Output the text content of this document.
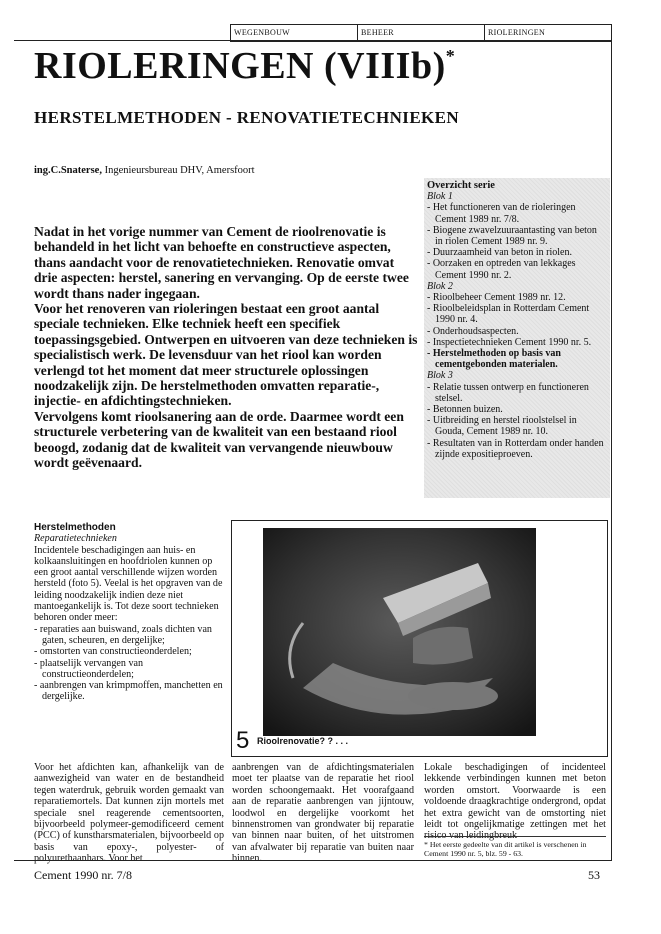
WEGENBOUW	BEHEER	RIOLERINGEN
RIOLERINGEN (VIIIb)*
HERSTELMETHODEN - RENOVATIETECHNIEKEN
ing.C.Snaterse, Ingenieursbureau DHV, Amersfoort

Nadat in het vorige nummer van Cement de rioolrenovatie is behandeld in het licht van behoefte en constructieve aspecten, thans aandacht voor de renovatietechnieken. Renovatie omvat drie aspecten: herstel, sanering en vervanging. Op de eerste twee wordt thans nader ingegaan.

Voor het renoveren van rioleringen bestaat een groot aantal speciale technieken. Elke techniek heeft een specifiek toepassingsgebied. Ontwerpen en uitvoeren van deze technieken is specialistisch werk. De levensduur van het riool kan worden verlengd tot het moment dat meer structurele oplossingen noodzakelijk zijn. De herstelmethoden omvatten reparatie-, injectie- en afdichtingstechnieken.

Vervolgens komt rioolsanering aan de orde. Daarmee wordt een structurele verbetering van de kwaliteit van een bestaand riool beoogd, zodanig dat de kwaliteit van vervangende nieuwbouw wordt geëvenaard.

Overzicht serie
Blok 1
- Het functioneren van de rioleringen Cement 1989 nr. 7/8.
- Biogene zwavelzuuraantasting van beton in riolen Cement 1989 nr. 9.
- Duurzaamheid van beton in riolen.
- Oorzaken en optreden van lekkages Cement 1990 nr. 2.
Blok 2
- Rioolbeheer Cement 1989 nr. 12.
- Rioolbeleidsplan in Rotterdam Cement 1990 nr. 4.
- Onderhoudsaspecten.
- Inspectietechnieken Cement 1990 nr. 5.
- Herstelmethoden op basis van cementgebonden materialen.
Blok 3
- Relatie tussen ontwerp en functioneren stelsel.
- Betonnen buizen.
- Uitbreiding en herstel rioolstelsel in Gouda, Cement 1989 nr. 10.
- Resultaten van in Rotterdam onder handen zijnde expositieproeven.
Herstelmethoden
Reparatietechnieken
Incidentele beschadigingen aan huis- en kolkaansluitingen en hoofdriolen kunnen op een groot aantal verschillende wijzen worden hersteld (foto 5). Veelal is het opgraven van de leiding noodzakelijk indien deze niet mantoegankelijk is. Tot deze soort technieken behoren onder meer:
- reparaties aan buiswand, zoals dichten van gaten, scheuren, en dergelijke;
- omstorten van constructieonderdelen;
- plaatselijk vervangen van constructieonderdelen;
- aanbrengen van krimpmoffen, manchetten en dergelijke.
5 Rioolrenovatie? ? . . .
Voor het afdichten kan, afhankelijk van de aanwezigheid van water en de bestandheid tegen waterdruk, gebruik worden gemaakt van reparatiemortels. Dat kunnen zijn mortels met speciale snel reagerende cementsoorten, bijvoorbeeld polymeer-gemodificeerd cement (PCC) of kunstharsmaterialen, bijvoorbeeld op basis van epoxy-, polyester- of polyurethaanhars. Voor het
aanbrengen van de afdichtingsmaterialen moet ter plaatse van de reparatie het riool worden schoongemaakt. Het voorafgaand aan de reparatie aanbrengen van jijntouw, loodwol en dergelijke voorkomt het binnenstromen van grondwater bij reparatie van binnen naar buiten, of het uitstromen van afvalwater bij reparatie van buiten naar binnen.
Lokale beschadigingen of incidenteel lekkende verbindingen kunnen met beton worden omstort. Voorwaarde is een voldoende draagkrachtige ondergrond, opdat het extra gewicht van de omstorting niet leidt tot ongelijkmatige zettingen met het risico van leidingbreuk
* Het eerste gedeelte van dit artikel is verschenen in Cement 1990 nr. 5, blz. 59 - 63.
Cement 1990 nr. 7/8	53
